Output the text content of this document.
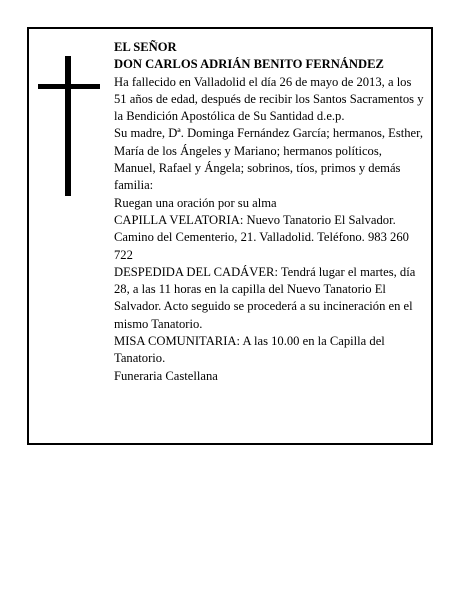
EL SEÑOR

DON CARLOS ADRIÁN BENITO FERNÁNDEZ

Ha fallecido en Valladolid el día 26 de mayo de 2013, a los 51 años de edad, después de recibir los Santos Sacramentos y la Bendición Apostólica de Su Santidad d.e.p.

Su madre, Dª. Dominga Fernández García; hermanos, Esther, María de los Ángeles y Mariano; hermanos políticos, Manuel, Rafael y Ángela; sobrinos, tíos, primos y demás familia:

Ruegan una oración por su alma

CAPILLA VELATORIA: Nuevo Tanatorio El Salvador. Camino del Cementerio, 21. Valladolid. Teléfono. 983 260 722

DESPEDIDA DEL CADÁVER: Tendrá lugar el martes, día 28, a las 11 horas en la capilla del Nuevo Tanatorio El Salvador. Acto seguido se procederá a su incineración en el mismo Tanatorio.

MISA COMUNITARIA: A las 10.00 en la Capilla del Tanatorio.

Funeraria Castellana
